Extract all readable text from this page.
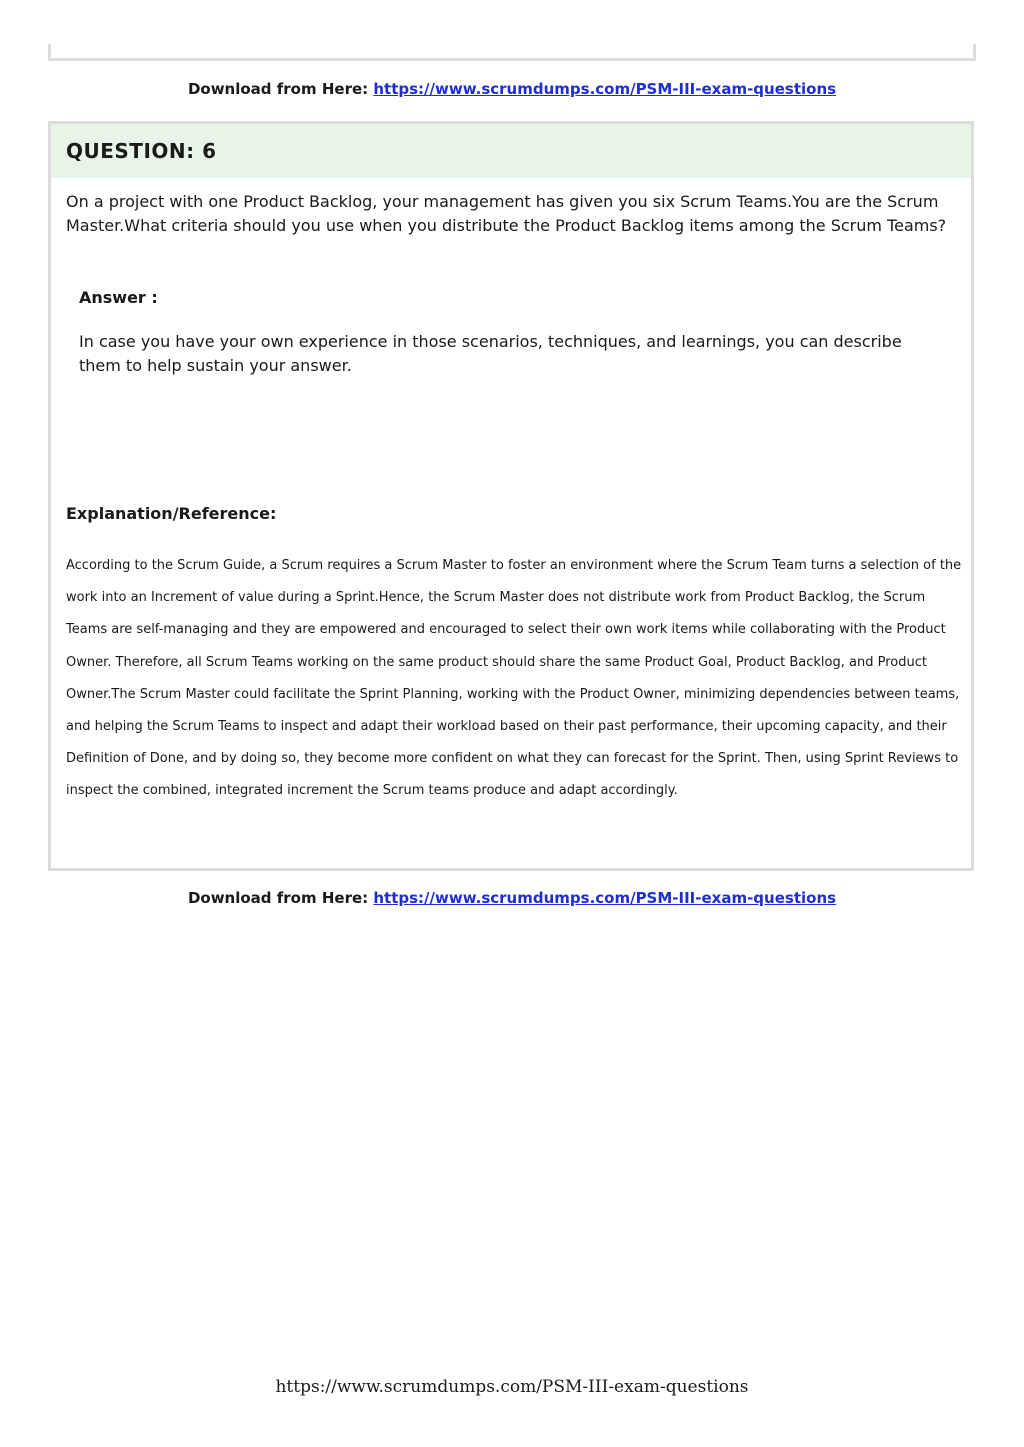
Download from Here: https://www.scrumdumps.com/PSM-III-exam-questions
QUESTION: 6
On a project with one Product Backlog, your management has given you six Scrum Teams.You are the Scrum Master.What criteria should you use when you distribute the Product Backlog items among the Scrum Teams?
Answer :
In case you have your own experience in those scenarios, techniques, and learnings, you can describe them to help sustain your answer.
Explanation/Reference:
According to the Scrum Guide, a Scrum requires a Scrum Master to foster an environment where the Scrum Team turns a selection of the work into an Increment of value during a Sprint.Hence, the Scrum Master does not distribute work from Product Backlog, the Scrum Teams are self-managing and they are empowered and encouraged to select their own work items while collaborating with the Product Owner. Therefore, all Scrum Teams working on the same product should share the same Product Goal, Product Backlog, and Product Owner.The Scrum Master could facilitate the Sprint Planning, working with the Product Owner, minimizing dependencies between teams, and helping the Scrum Teams to inspect and adapt their workload based on their past performance, their upcoming capacity, and their Definition of Done, and by doing so, they become more confident on what they can forecast for the Sprint. Then, using Sprint Reviews to inspect the combined, integrated increment the Scrum teams produce and adapt accordingly.
Download from Here: https://www.scrumdumps.com/PSM-III-exam-questions
https://www.scrumdumps.com/PSM-III-exam-questions
